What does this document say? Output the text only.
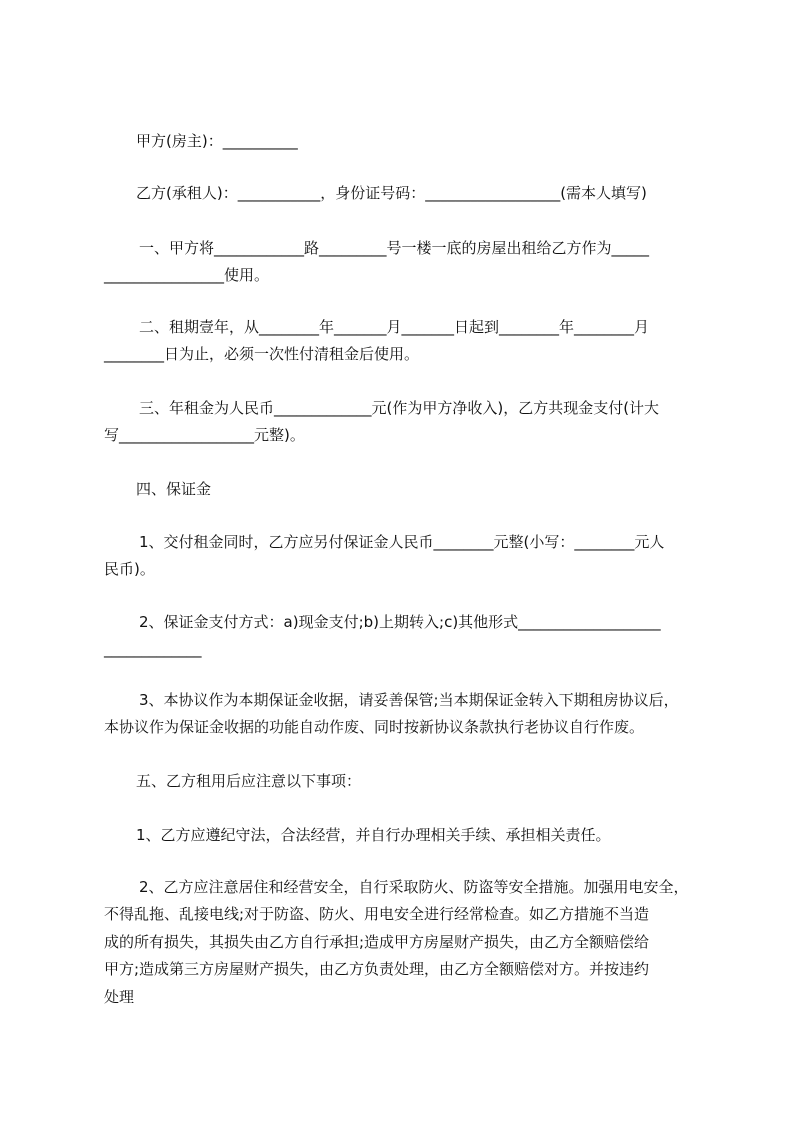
甲方(房主)：__________

乙方(承租人)：___________，身份证号码：__________________(需本人填写)

一、甲方将____________路_________号一楼一底的房屋出租给乙方作为_____

________________使用。

二、租期壹年，从________年_______月_______日起到________年________月

________日为止，必须一次性付清租金后使用。

三、年租金为人民币_____________元(作为甲方净收入)，乙方共现金支付(计大

写__________________元整)。

四、保证金

1、交付租金同时，乙方应另付保证金人民币________元整(小写：________元人

民币)。

2、保证金支付方式：a)现金支付;b)上期转入;c)其他形式___________________

_____________

3、本协议作为本期保证金收据，请妥善保管;当本期保证金转入下期租房协议后，

本协议作为保证金收据的功能自动作废、同时按新协议条款执行老协议自行作废。

五、乙方租用后应注意以下事项：

1、乙方应遵纪守法，合法经营，并自行办理相关手续、承担相关责任。

2、乙方应注意居住和经营安全，自行采取防火、防盗等安全措施。加强用电安全，

不得乱拖、乱接电线;对于防盗、防火、用电安全进行经常检查。如乙方措施不当造

成的所有损失，其损失由乙方自行承担;造成甲方房屋财产损失，由乙方全额赔偿给

甲方;造成第三方房屋财产损失，由乙方负责处理，由乙方全额赔偿对方。并按违约

处理
